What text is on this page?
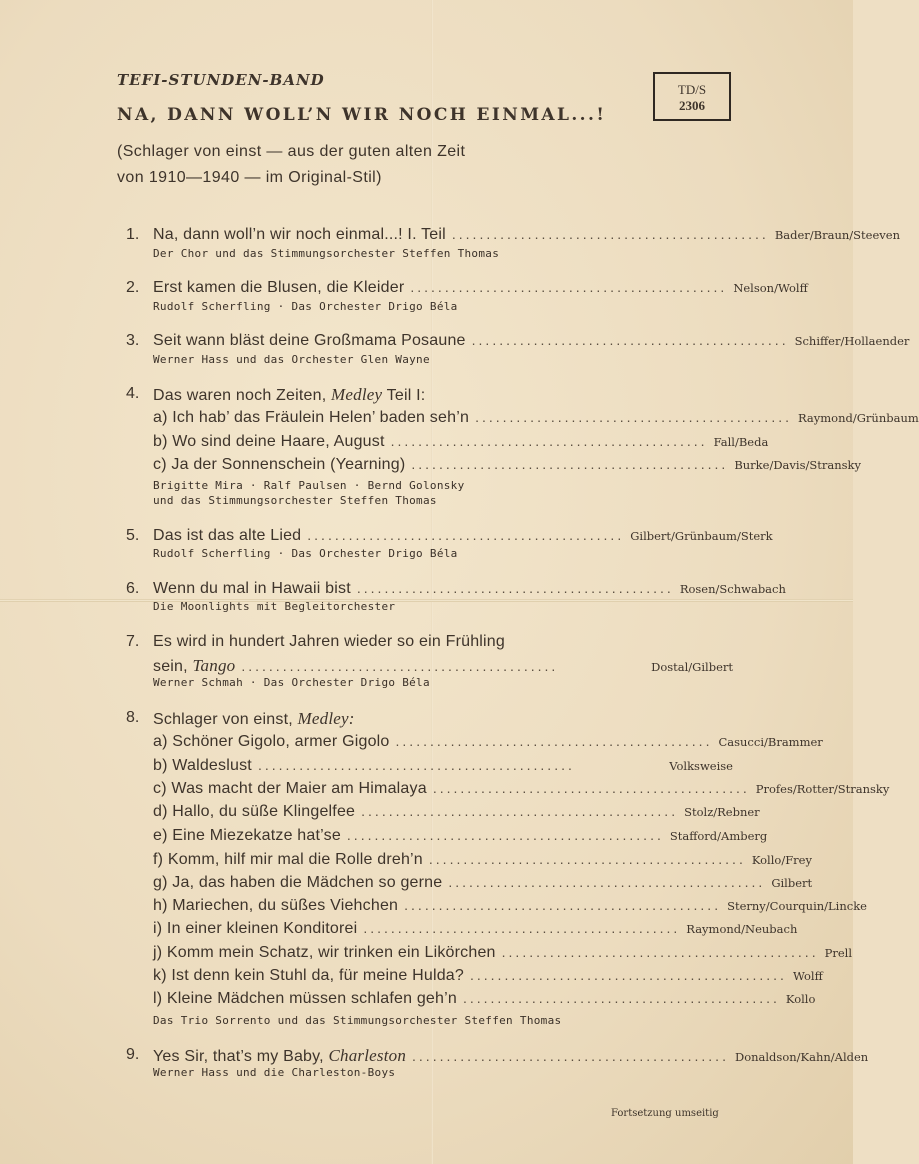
TEFI-STUNDEN-BAND
NA, DANN WOLL’N WIR NOCH EINMAL...!
TD/S
2306
(Schlager von einst — aus der guten alten Zeit
von 1910—1940 — im Original-Stil)
1. Na, dann woll’n wir noch einmal...! I. Teil .............................................. Bader/Braun/Steeven
Der Chor und das Stimmungsorchester Steffen Thomas
2. Erst kamen die Blusen, die Kleider .............................................. Nelson/Wolff
Rudolf Scherfling · Das Orchester Drigo Béla
3. Seit wann bläst deine Großmama Posaune .............................................. Schiffer/Hollaender
Werner Hass und das Orchester Glen Wayne
4. Das waren noch Zeiten, Medley Teil I:
a) Ich hab’ das Fräulein Helen’ baden seh’n .............................................. Raymond/Grünbaum
b) Wo sind deine Haare, August .............................................. Fall/Beda
c) Ja der Sonnenschein (Yearning) .............................................. Burke/Davis/Stransky
Brigitte Mira · Ralf Paulsen · Bernd Golonsky
und das Stimmungsorchester Steffen Thomas
5. Das ist das alte Lied .............................................. Gilbert/Grünbaum/Sterk
Rudolf Scherfling · Das Orchester Drigo Béla
6. Wenn du mal in Hawaii bist .............................................. Rosen/Schwabach
Die Moonlights mit Begleitorchester
7. Es wird in hundert Jahren wieder so ein Frühling
sein, Tango ..............................................	Dostal/Gilbert
Werner Schmah · Das Orchester Drigo Béla
8. Schlager von einst, Medley:
a) Schöner Gigolo, armer Gigolo .............................................. Casucci/Brammer
b) Waldeslust ..............................................	Volksweise
c) Was macht der Maier am Himalaya .............................................. Profes/Rotter/Stransky
d) Hallo, du süße Klingelfee .............................................. Stolz/Rebner
e) Eine Miezekatze hat’se .............................................. Stafford/Amberg
f) Komm, hilf mir mal die Rolle dreh’n .............................................. Kollo/Frey
g) Ja, das haben die Mädchen so gerne .............................................. Gilbert
h) Mariechen, du süßes Viehchen .............................................. Sterny/Courquin/Lincke
i) In einer kleinen Konditorei .............................................. Raymond/Neubach
j) Komm mein Schatz, wir trinken ein Likörchen .............................................. Prell
k) Ist denn kein Stuhl da, für meine Hulda? .............................................. Wolff
l) Kleine Mädchen müssen schlafen geh’n .............................................. Kollo
Das Trio Sorrento und das Stimmungsorchester Steffen Thomas
9. Yes Sir, that’s my Baby, Charleston .............................................. Donaldson/Kahn/Alden
Werner Hass und die Charleston-Boys
Fortsetzung umseitig
